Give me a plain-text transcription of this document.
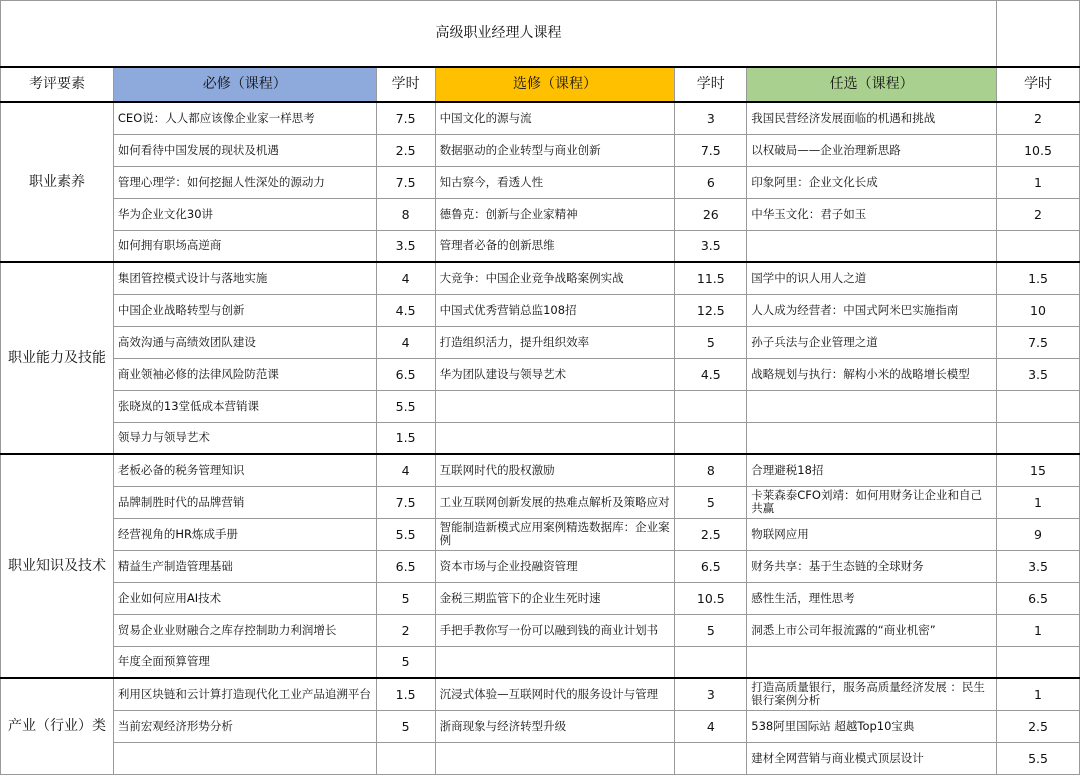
高级职业经理人课程						
考评要素	必修（课程）	学时	选修（课程）	学时	任选（课程）	学时
职业素养	CEO说：人人都应该像企业家一样思考	7.5	中国文化的源与流	3	我国民营经济发展面临的机遇和挑战	2
	如何看待中国发展的现状及机遇	2.5	数据驱动的企业转型与商业创新	7.5	以权破局——企业治理新思路	10.5
	管理心理学：如何挖掘人性深处的源动力	7.5	知古察今，看透人性	6	印象阿里：企业文化长成	1
	华为企业文化30讲	8	德鲁克：创新与企业家精神	26	中华玉文化：君子如玉	2
	如何拥有职场高逆商	3.5	管理者必备的创新思维	3.5		
职业能力及技能	集团管控模式设计与落地实施	4	大竞争：中国企业竞争战略案例实战	11.5	国学中的识人用人之道	1.5
	中国企业战略转型与创新	4.5	中国式优秀营销总监108招	12.5	人人成为经营者：中国式阿米巴实施指南	10
	高效沟通与高绩效团队建设	4	打造组织活力，提升组织效率	5	孙子兵法与企业管理之道	7.5
	商业领袖必修的法律风险防范课	6.5	华为团队建设与领导艺术	4.5	战略规划与执行：解构小米的战略增长模型	3.5
	张晓岚的13堂低成本营销课	5.5				
	领导力与领导艺术	1.5				
职业知识及技术	老板必备的税务管理知识	4	互联网时代的股权激励	8	合理避税18招	15
	品牌制胜时代的品牌营销	7.5	工业互联网创新发展的热难点解析及策略应对	5	卡莱森泰CFO刘靖：如何用财务让企业和自己共赢	1
	经营视角的HR炼成手册	5.5	智能制造新模式应用案例精选数据库：企业案例	2.5	物联网应用	9
	精益生产制造管理基础	6.5	资本市场与企业投融资管理	6.5	财务共享：基于生态链的全球财务	3.5
	企业如何应用AI技术	5	金税三期监管下的企业生死时速	10.5	感性生活，理性思考	6.5
	贸易企业业财融合之库存控制助力利润增长	2	手把手教你写一份可以融到钱的商业计划书	5	洞悉上市公司年报流露的“商业机密”	1
	年度全面预算管理	5				
产业（行业）类	利用区块链和云计算打造现代化工业产品追溯平台	1.5	沉浸式体验—互联网时代的服务设计与管理	3	打造高质量银行，服务高质量经济发展 ：民生银行案例分析	1
	当前宏观经济形势分析	5	浙商现象与经济转型升级	4	538阿里国际站 超越Top10宝典	2.5
					建材全网营销与商业模式顶层设计	5.5
